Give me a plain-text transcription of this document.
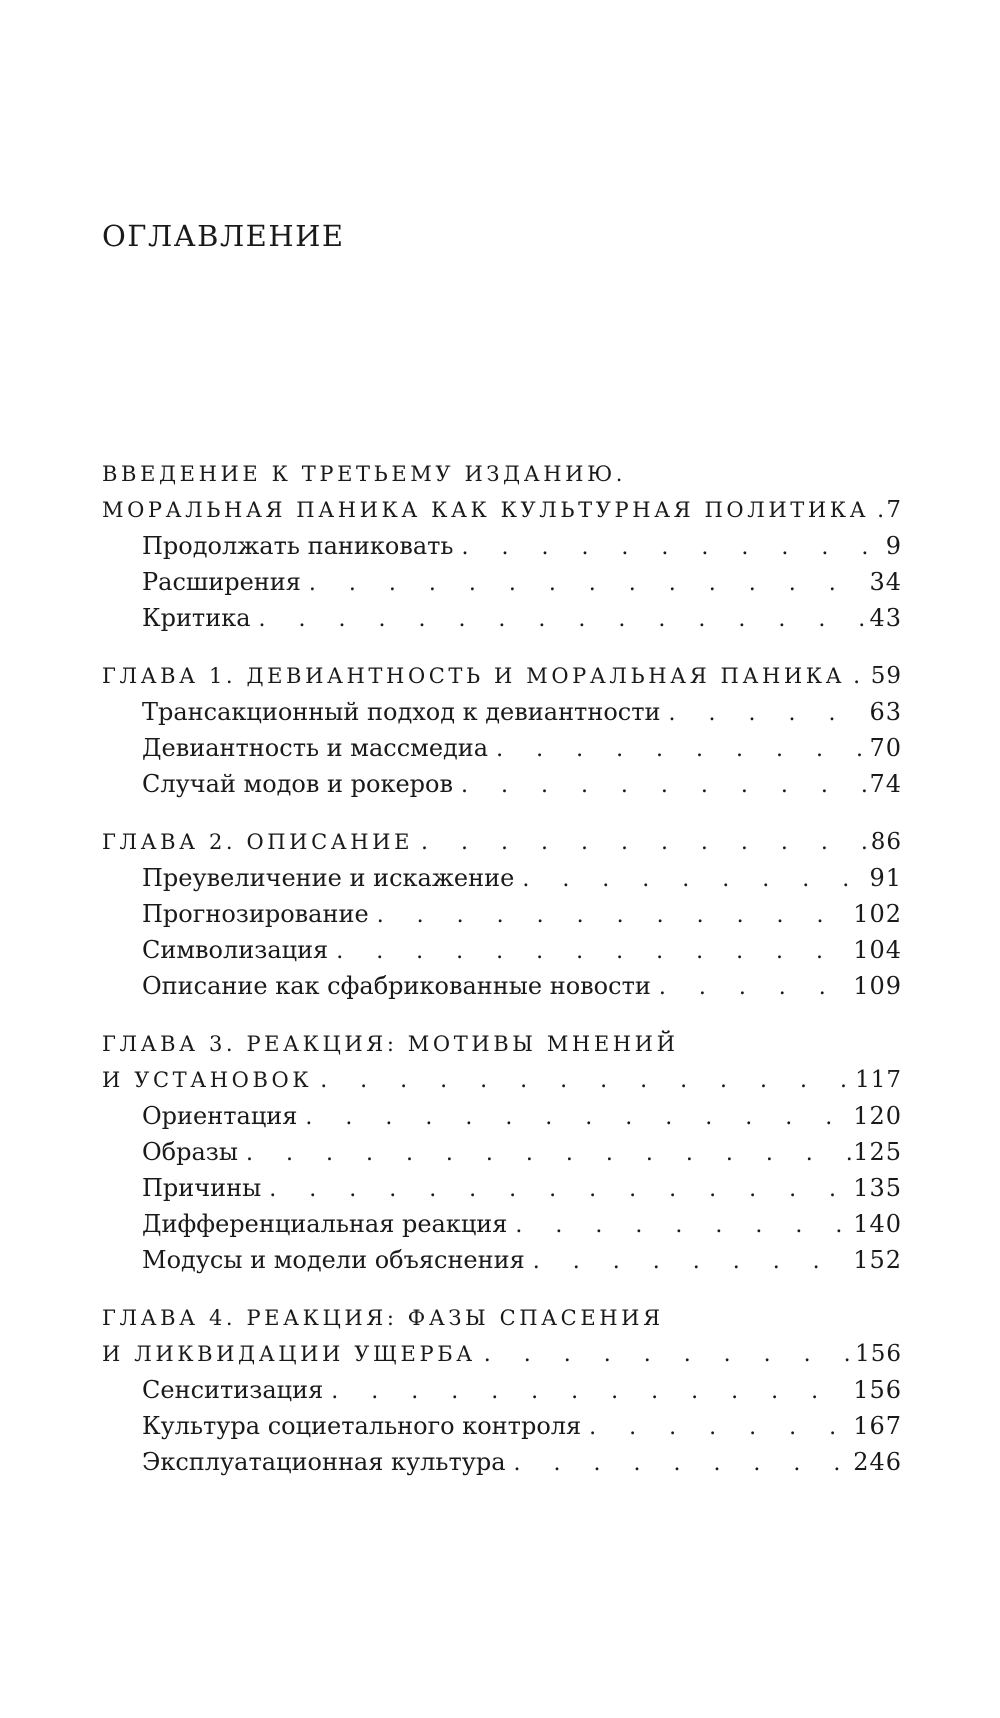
ОГЛАВЛЕНИЕ
ВВЕДЕНИЕ К ТРЕТЬЕМУ ИЗДАНИЮ.
МОРАЛЬНАЯ ПАНИКА КАК КУЛЬТУРНАЯ ПОЛИТИКА . . . 7
Продолжать паниковать . . .	9
Расширения . . .	34
Критика . . .	43
ГЛАВА 1. ДЕВИАНТНОСТЬ И МОРАЛЬНАЯ ПАНИКА . . . 59
Трансакционный подход к девиантности . . .	63
Девиантность и массмедиа . . .	70
Случай модов и рокеров . . .	74
ГЛАВА 2. ОПИСАНИЕ . . .	86
Преувеличение и искажение . . .	91
Прогнозирование . . .	102
Символизация . . .	104
Описание как сфабрикованные новости . . .	109
ГЛАВА 3. РЕАКЦИЯ: МОТИВЫ МНЕНИЙ
И УСТАНОВОК . . .	117
Ориентация . . .	120
Образы . . .	125
Причины . . .	135
Дифференциальная реакция . . .	140
Модусы и модели объяснения . . .	152
ГЛАВА 4. РЕАКЦИЯ: ФАЗЫ СПАСЕНИЯ
И ЛИКВИДАЦИИ УЩЕРБА . . .	156
Сенситизация . . .	156
Культура социетального контроля . . .	167
Эксплуатационная культура . . .	246
